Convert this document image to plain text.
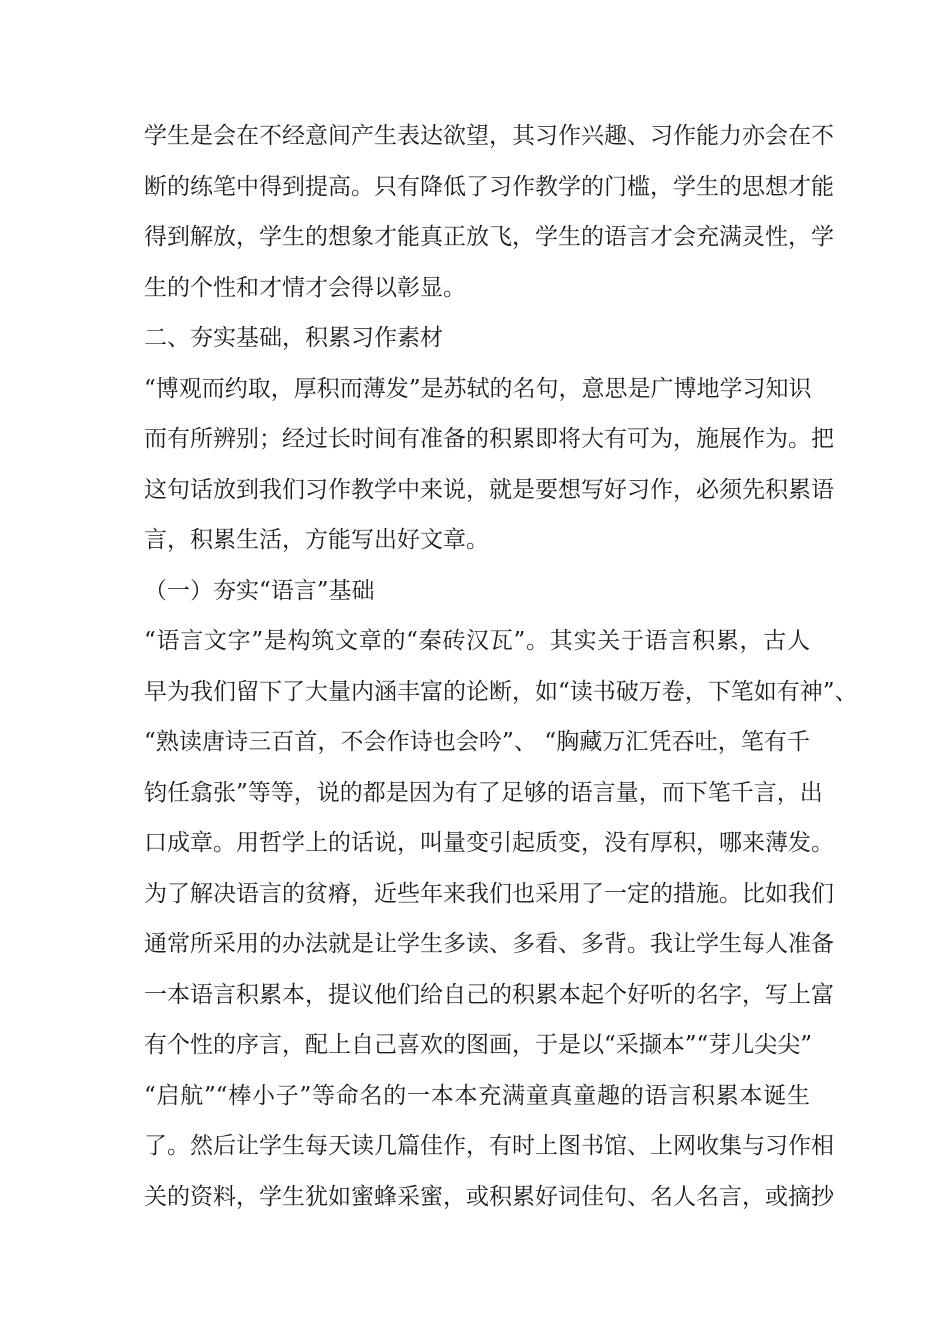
学生是会在不经意间产生表达欲望，其习作兴趣、习作能力亦会在不
断的练笔中得到提高。只有降低了习作教学的门槛，学生的思想才能
得到解放，学生的想象才能真正放飞，学生的语言才会充满灵性，学
生的个性和才情才会得以彰显。
二、夯实基础，积累习作素材
“博观而约取，厚积而薄发”是苏轼的名句，意思是广博地学习知识
而有所辨别；经过长时间有准备的积累即将大有可为，施展作为。把
这句话放到我们习作教学中来说，就是要想写好习作，必须先积累语
言，积累生活，方能写出好文章。
（一）夯实“语言”基础
“语言文字”是构筑文章的“秦砖汉瓦”。其实关于语言积累，古人
早为我们留下了大量内涵丰富的论断，如“读书破万卷，下笔如有神”、
“熟读唐诗三百首，不会作诗也会吟”、 “胸藏万汇凭吞吐，笔有千
钧任翕张”等等，说的都是因为有了足够的语言量，而下笔千言，出
口成章。用哲学上的话说，叫量变引起质变，没有厚积，哪来薄发。
为了解决语言的贫瘠，近些年来我们也采用了一定的措施。比如我们
通常所采用的办法就是让学生多读、多看、多背。我让学生每人准备
一本语言积累本，提议他们给自己的积累本起个好听的名字，写上富
有个性的序言，配上自己喜欢的图画，于是以“采撷本”“芽儿尖尖”
“启航”“棒小子”等命名的一本本充满童真童趣的语言积累本诞生
了。然后让学生每天读几篇佳作，有时上图书馆、上网收集与习作相
关的资料，学生犹如蜜蜂采蜜，或积累好词佳句、名人名言，或摘抄
